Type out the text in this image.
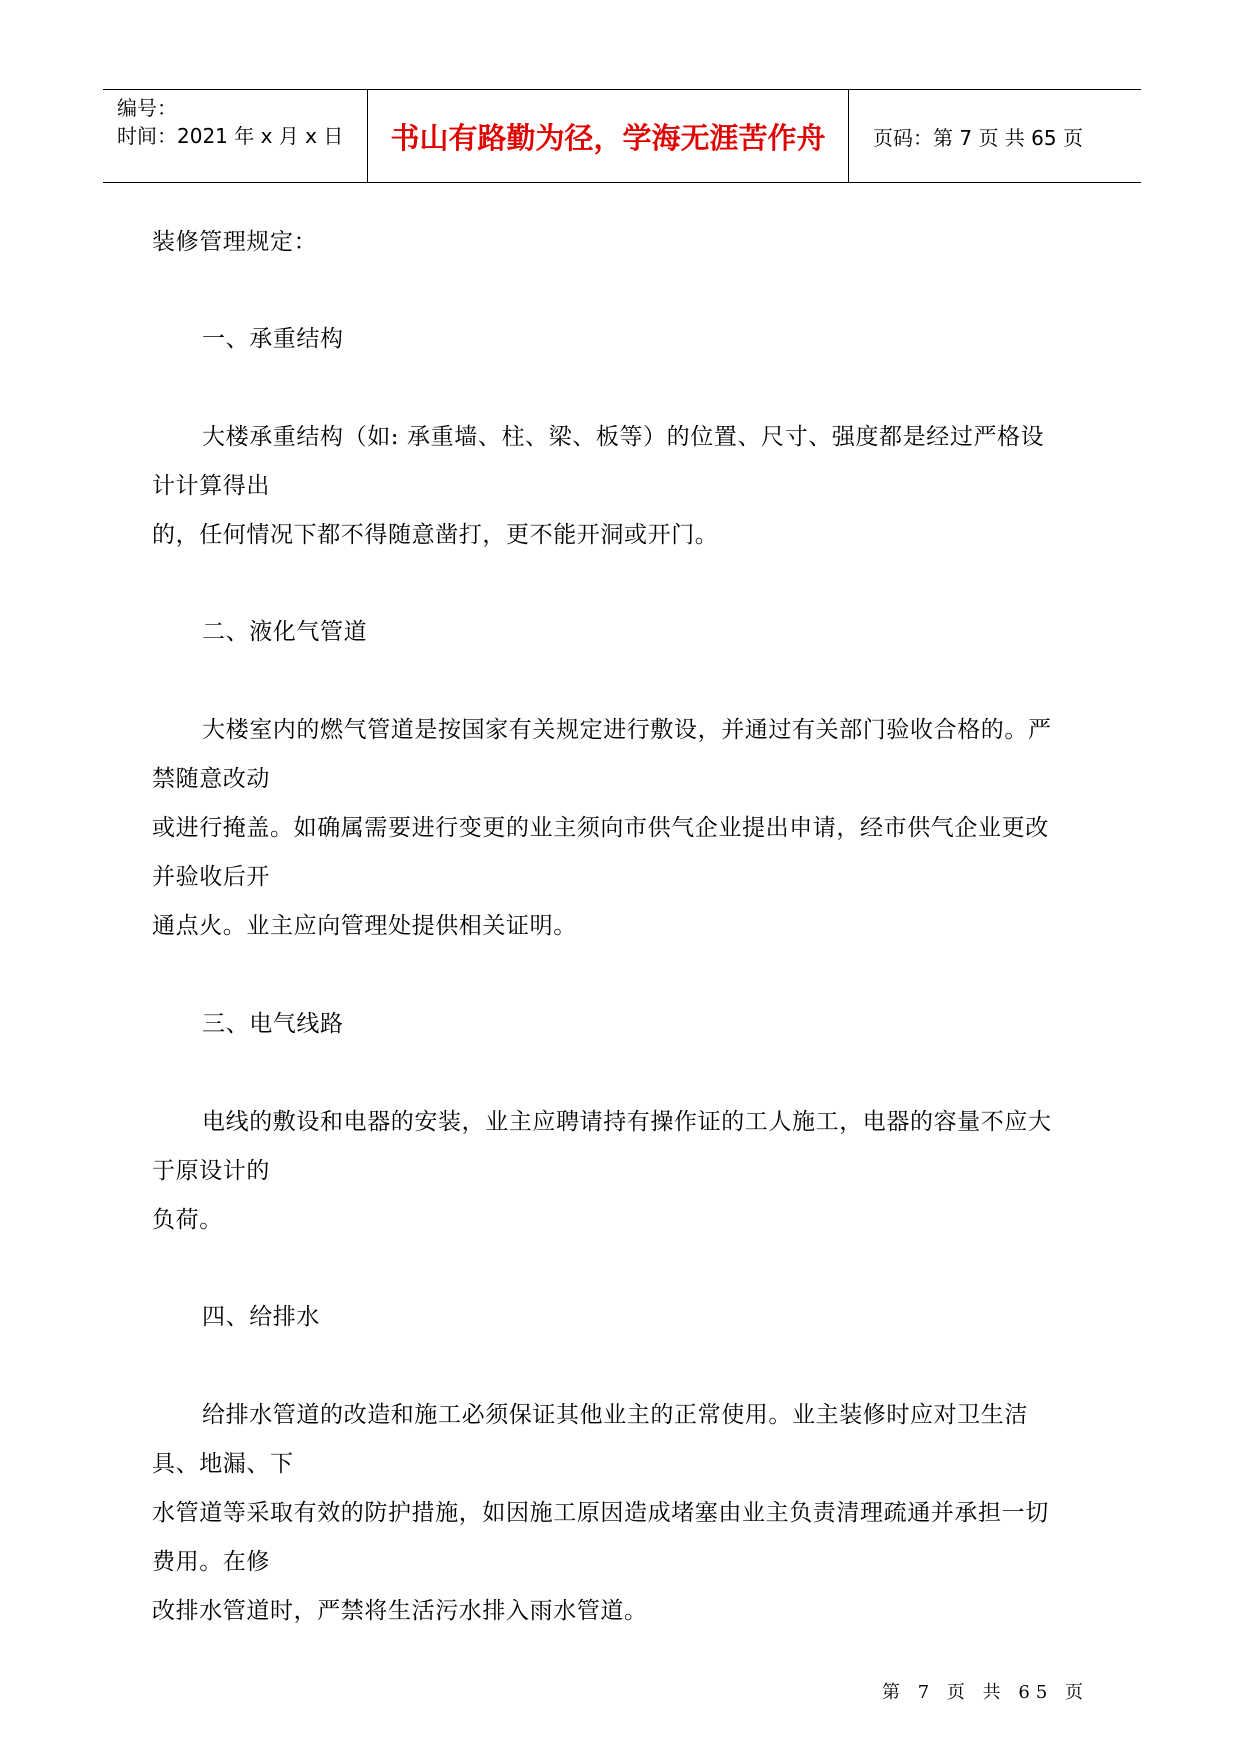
编号：
时间：2021 年 x 月 x 日 书山有路勤为径，学海无涯苦作舟 页码：第 7 页 共 65 页
装修管理规定：
一、承重结构
大楼承重结构（如: 承重墙、柱、梁、板等）的位置、尺寸、强度都是经过严格设
计计算得出
的，任何情况下都不得随意凿打，更不能开洞或开门。
二、液化气管道
大楼室内的燃气管道是按国家有关规定进行敷设，并通过有关部门验收合格的。严
禁随意改动
或进行掩盖。如确属需要进行变更的业主须向市供气企业提出申请，经市供气企业更改
并验收后开
通点火。业主应向管理处提供相关证明。
三、电气线路
电线的敷设和电器的安装，业主应聘请持有操作证的工人施工，电器的容量不应大
于原设计的
负荷。
四、给排水
给排水管道的改造和施工必须保证其他业主的正常使用。业主装修时应对卫生洁
具、地漏、下
水管道等采取有效的防护措施，如因施工原因造成堵塞由业主负责清理疏通并承担一切
费用。在修
改排水管道时，严禁将生活污水排入雨水管道。
第 7 页 共 65 页
